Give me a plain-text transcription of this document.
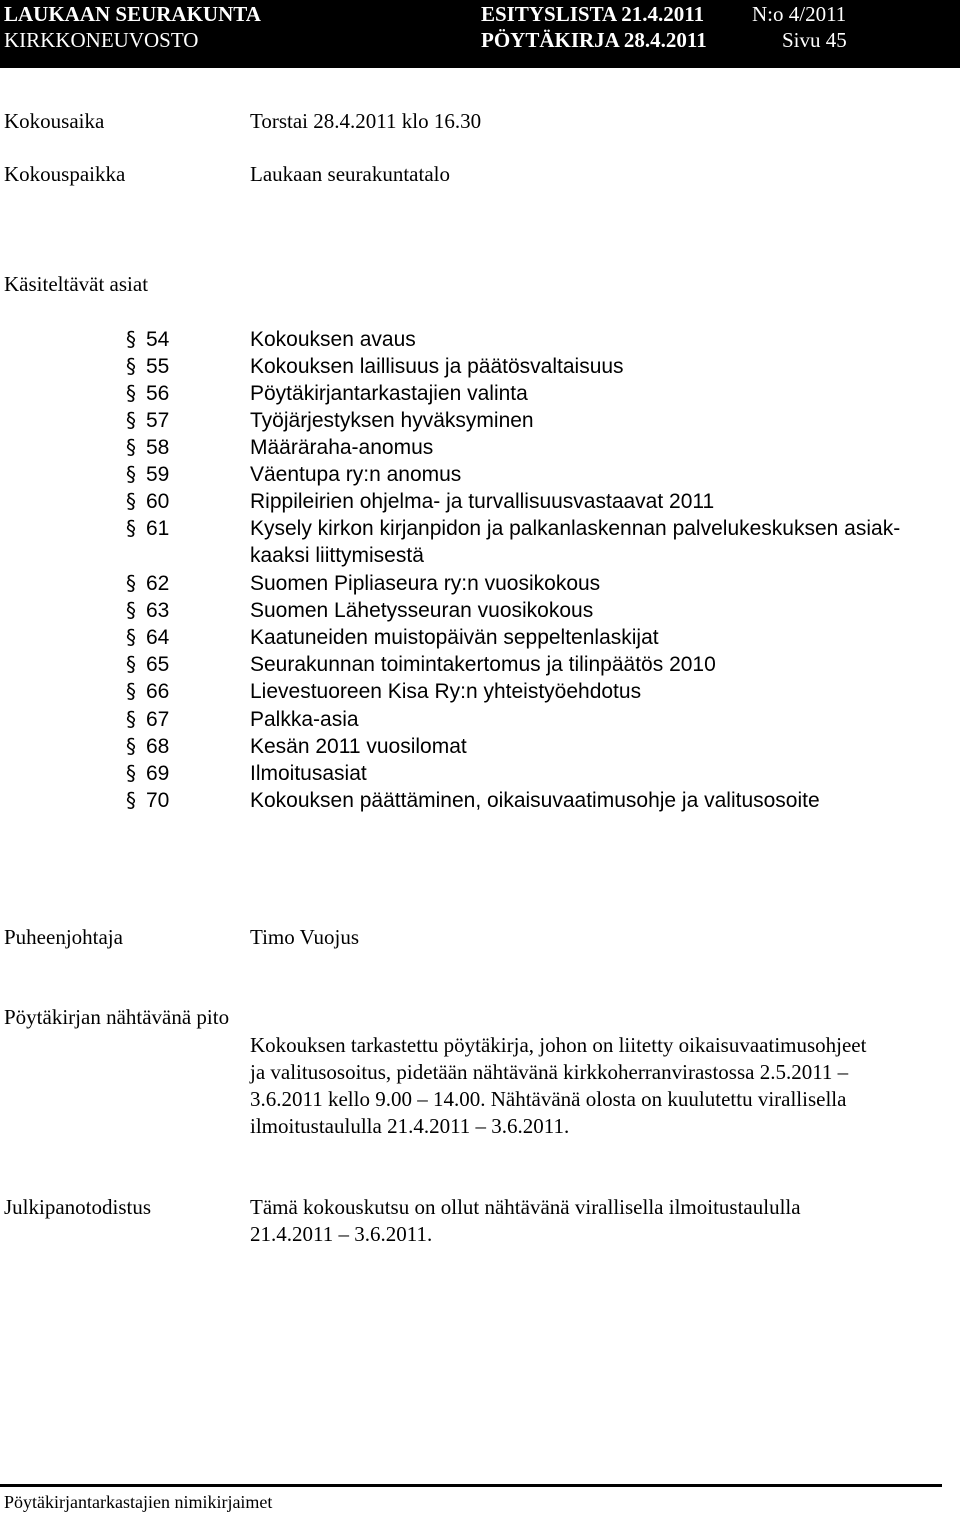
LAUKAAN SEURAKUNTA
KIRKKONEUVOSTO
ESITYSLISTA 21.4.2011
PÖYTÄKIRJA 28.4.2011
N:o 4/2011
Sivu 45
Kokousaika	Torstai 28.4.2011 klo 16.30
Kokouspaikka	Laukaan seurakuntatalo
Käsiteltävät asiat
§ 54	Kokouksen avaus
§ 55	Kokouksen laillisuus ja päätösvaltaisuus
§ 56	Pöytäkirjantarkastajien valinta
§ 57	Työjärjestyksen hyväksyminen
§ 58	Määräraha-anomus
§ 59	Väentupa ry:n anomus
§ 60	Rippileirien ohjelma- ja turvallisuusvastaavat 2011
§ 61	Kysely kirkon kirjanpidon ja palkanlaskennan palvelukeskuksen asiak-
kaaksi liittymisestä
§ 62	Suomen Pipliaseura ry:n vuosikokous
§ 63	Suomen Lähetysseuran vuosikokous
§ 64	Kaatuneiden muistopäivän seppeltenlaskijat
§ 65	Seurakunnan toimintakertomus ja tilinpäätös 2010
§ 66	Lievestuoreen Kisa Ry:n yhteistyöehdotus
§ 67	Palkka-asia
§ 68	Kesän 2011 vuosilomat
§ 69	Ilmoitusasiat
§ 70	Kokouksen päättäminen, oikaisuvaatimusohje ja valitusosoite
Puheenjohtaja	Timo Vuojus
Pöytäkirjan nähtävänä pito
Kokouksen tarkastettu pöytäkirja, johon on liitetty oikaisuvaatimusohjeet
ja valitusosoitus, pidetään nähtävänä kirkkoherranvirastossa 2.5.2011 –
3.6.2011 kello 9.00 – 14.00. Nähtävänä olosta on kuulutettu virallisella
ilmoitustaululla 21.4.2011 – 3.6.2011.
Julkipanotodistus	Tämä kokouskutsu on ollut nähtävänä virallisella ilmoitustaululla
21.4.2011 – 3.6.2011.
Pöytäkirjantarkastajien nimikirjaimet
